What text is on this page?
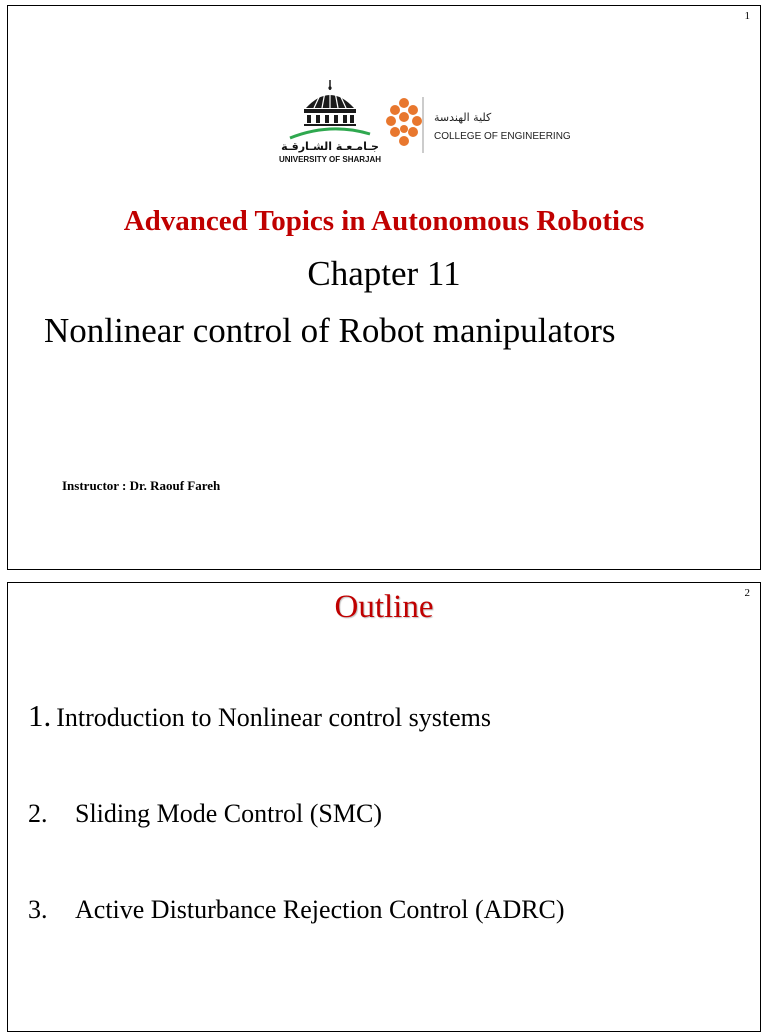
1
جـامـعـة الشـارقـة
UNIVERSITY OF SHARJAH
كلية الهندسة
COLLEGE OF ENGINEERING
Advanced Topics in Autonomous Robotics
Chapter 11
Nonlinear control of Robot manipulators
Instructor : Dr. Raouf Fareh
2
Outline
1. Introduction to Nonlinear control systems
2. Sliding Mode Control (SMC)
3. Active Disturbance Rejection Control (ADRC)
